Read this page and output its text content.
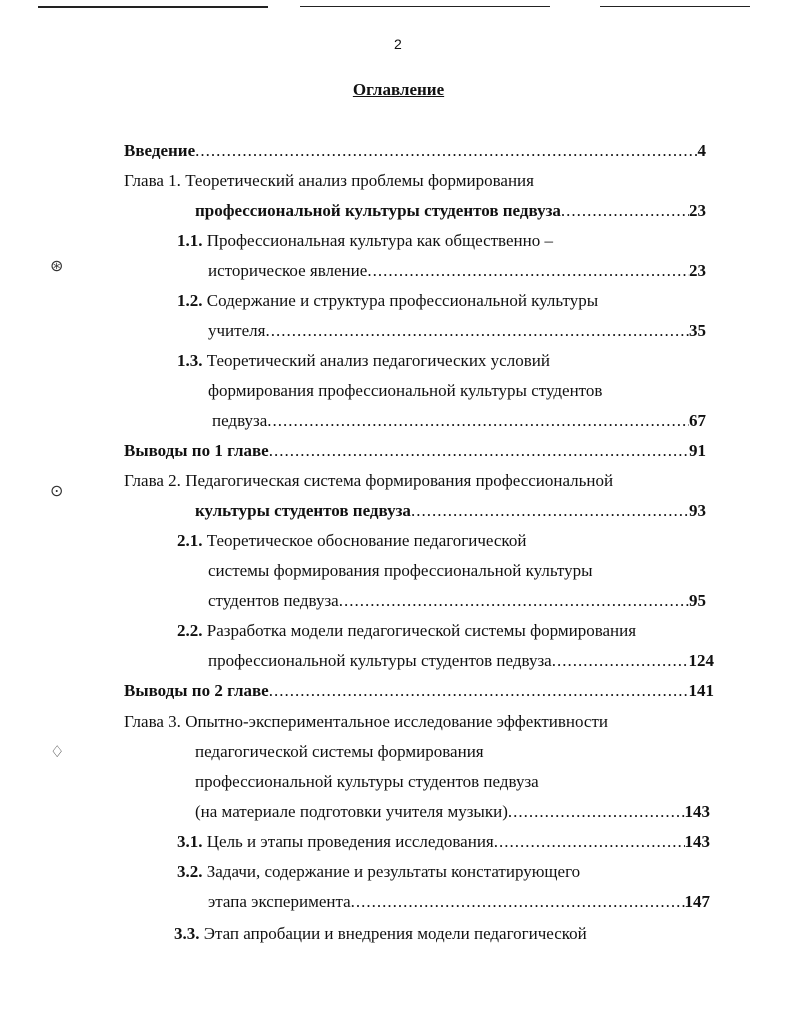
2
Оглавление
Введение .....	4
Глава 1. Теоретический анализ проблемы формирования
профессиональной культуры студентов педвуза .....	23
1.1. Профессиональная культура как общественно –
историческое явление .....	23
1.2. Содержание и структура профессиональной культуры
учителя .....	35
1.3. Теоретический анализ педагогических условий
формирования профессиональной культуры студентов
педвуза .....	67
Выводы по 1 главе .....	91
Глава 2. Педагогическая система формирования профессиональной
культуры студентов педвуза .....	93
2.1. Теоретическое обоснование педагогической
системы формирования профессиональной культуры
студентов педвуза .....	95
2.2. Разработка модели педагогической системы формирования
профессиональной культуры студентов педвуза .....	124
Выводы по 2 главе .....	141
Глава 3. Опытно-экспериментальное исследование эффективности
педагогической системы формирования
профессиональной культуры студентов педвуза
(на материале подготовки учителя музыки) .....	143
3.1. Цель и этапы проведения исследования .....	143
3.2. Задачи, содержание и результаты констатирующего
этапа эксперимента .....	147
3.3. Этап апробации и внедрения модели педагогической
⊛
⊙
♢
